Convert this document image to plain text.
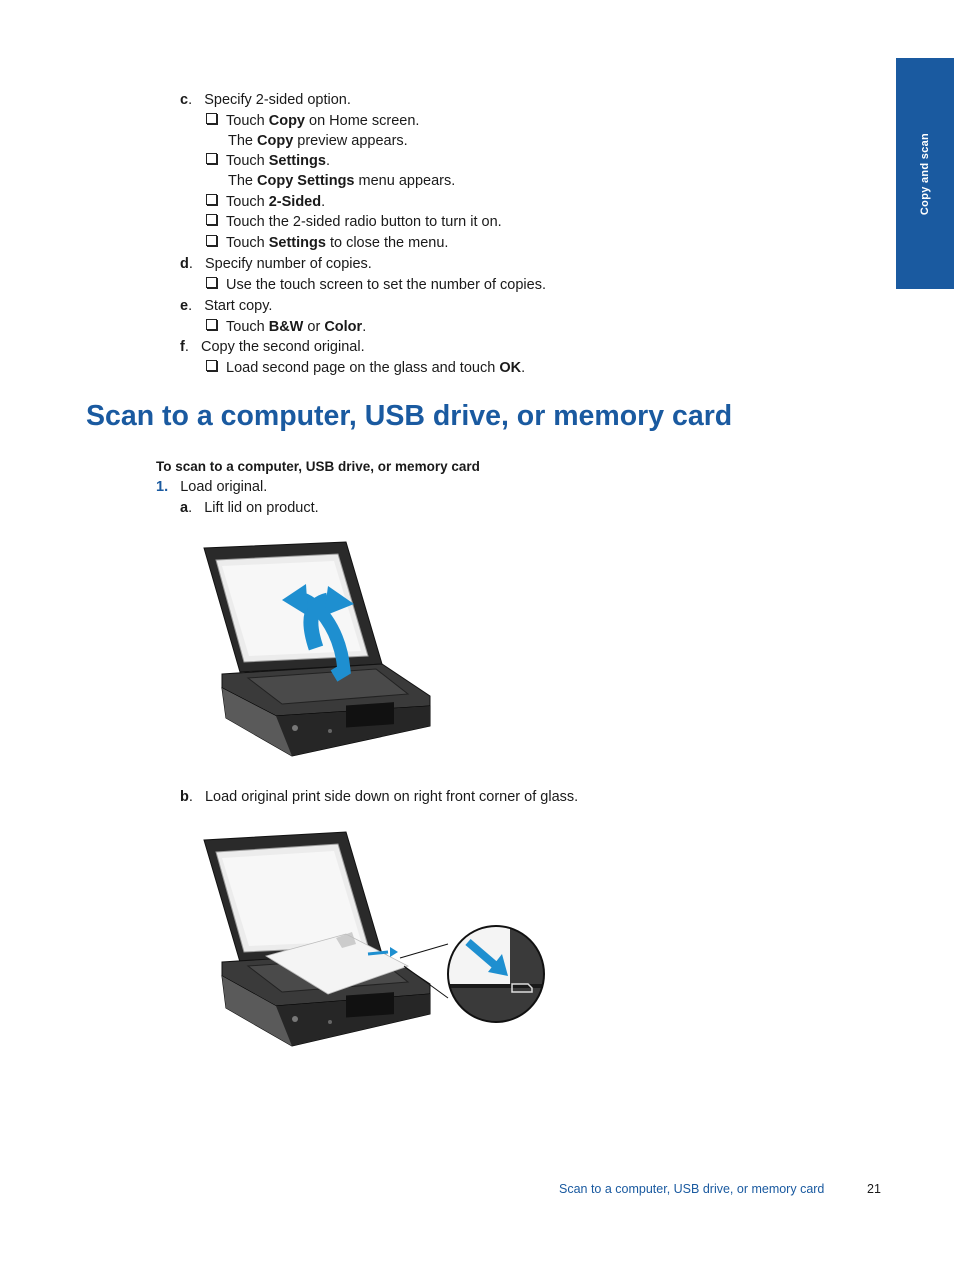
Copy and scan
c.   Specify 2-sided option.
Touch Copy on Home screen.
The Copy preview appears.
Touch Settings.
The Copy Settings menu appears.
Touch 2-Sided.
Touch the 2-sided radio button to turn it on.
Touch Settings to close the menu.
d.   Specify number of copies.
Use the touch screen to set the number of copies.
e.   Start copy.
Touch B&W or Color.
f.   Copy the second original.
Load second page on the glass and touch OK.
Scan to a computer, USB drive, or memory card
To scan to a computer, USB drive, or memory card
1. Load original.
a.   Lift lid on product.
b.   Load original print side down on right front corner of glass.
Scan to a computer, USB drive, or memory card	21
